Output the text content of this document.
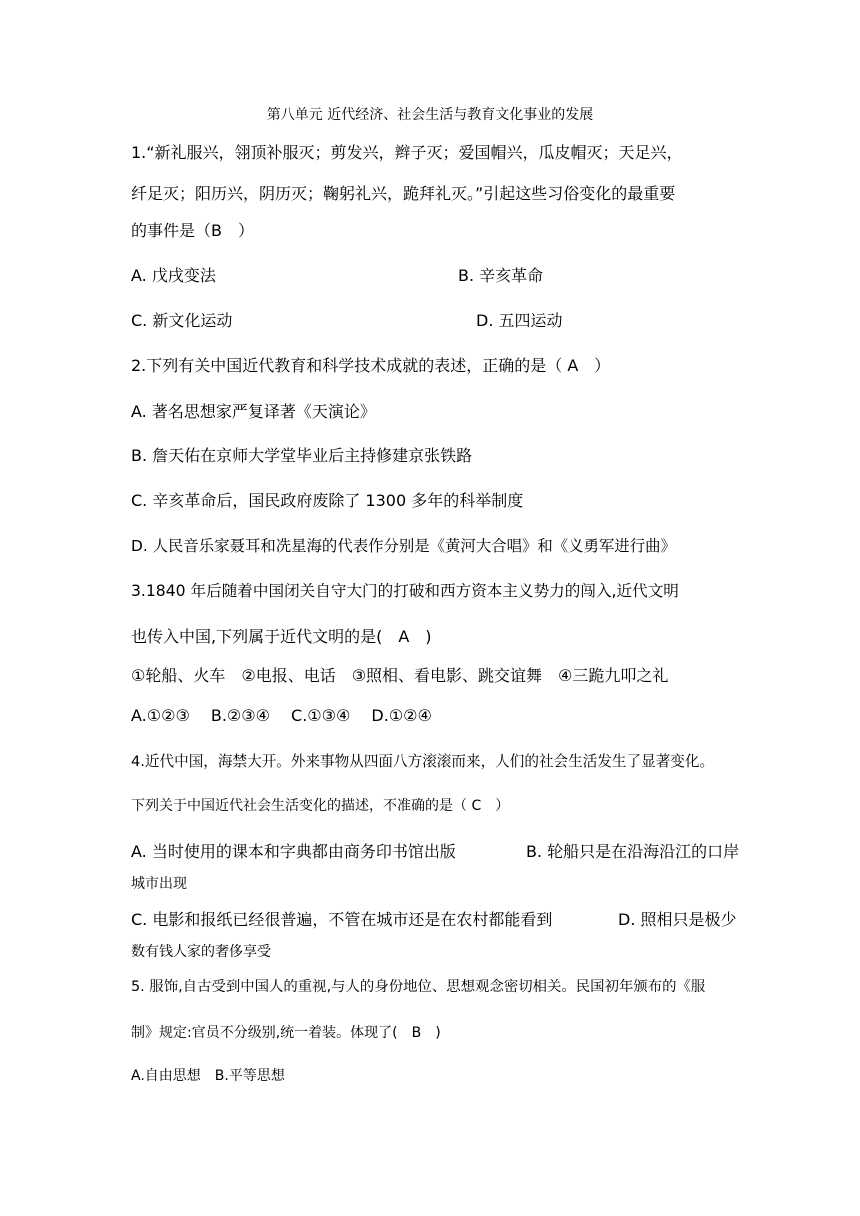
第八单元 近代经济、社会生活与教育文化事业的发展
1.“新礼服兴，翎顶补服灭；剪发兴，辫子灭；爱国帽兴，瓜皮帽灭；天足兴，
纤足灭；阳历兴，阴历灭；鞠躬礼兴，跪拜礼灭。”引起这些习俗变化的最重要
的事件是（B　）
A. 戊戌变法	B. 辛亥革命
C. 新文化运动	D. 五四运动
2.下列有关中国近代教育和科学技术成就的表述，正确的是（ A　）
A. 著名思想家严复译著《天演论》
B. 詹天佑在京师大学堂毕业后主持修建京张铁路
C. 辛亥革命后，国民政府废除了 1300 多年的科举制度
D. 人民音乐家聂耳和冼星海的代表作分别是《黄河大合唱》和《义勇军进行曲》
3.1840 年后随着中国闭关自守大门的打破和西方资本主义势力的闯入,近代文明
也传入中国,下列属于近代文明的是(　A　)
①轮船、火车　②电报、电话　③照相、看电影、跳交谊舞　④三跪九叩之礼
A.①②③　 B.②③④　 C.①③④　 D.①②④
4.近代中国，海禁大开。外来事物从四面八方滚滚而来，人们的社会生活发生了显著变化。
下列关于中国近代社会生活变化的描述，不准确的是（ C　）
A. 当时使用的课本和字典都由商务印书馆出版	B. 轮船只是在沿海沿江的口岸
城市出现
C. 电影和报纸已经很普遍，不管在城市还是在农村都能看到	D. 照相只是极少
数有钱人家的奢侈享受
5. 服饰,自古受到中国人的重视,与人的身份地位、思想观念密切相关。民国初年颁布的《服
制》规定:官员不分级别,统一着装。体现了(　B　)
A.自由思想　B.平等思想
